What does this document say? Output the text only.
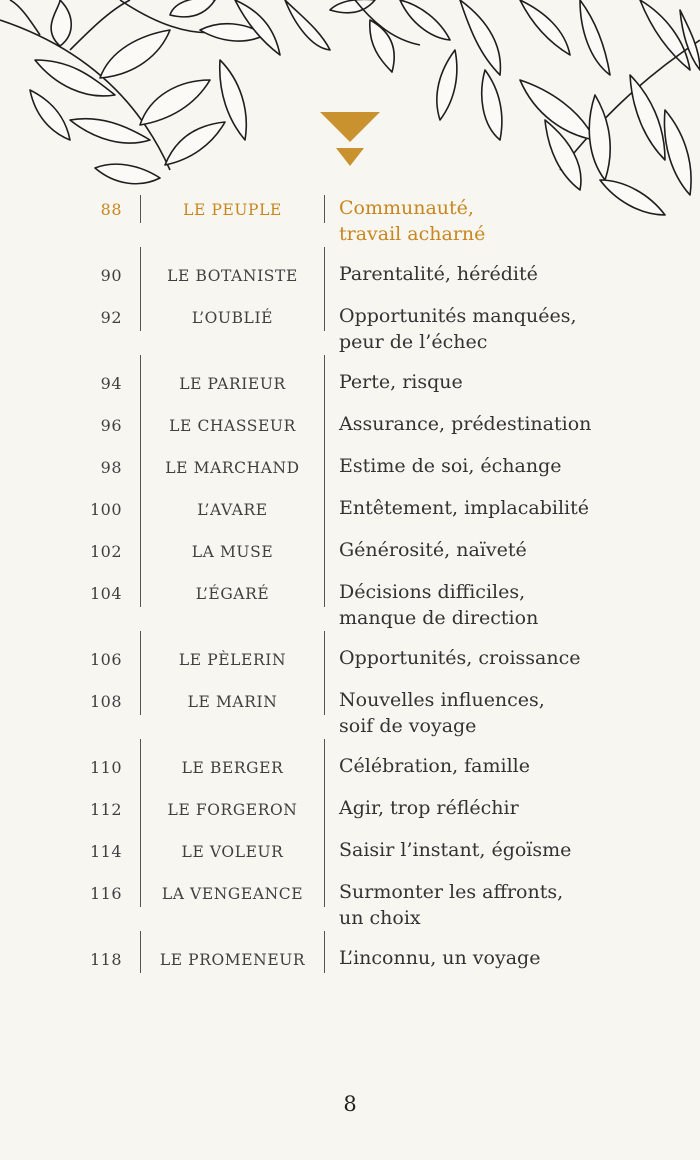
88	LE PEUPLE	Communauté,
travail acharné
90	LE BOTANISTE	Parentalité, hérédité
92	L’OUBLIÉ	Opportunités manquées,
peur de l’échec
94	LE PARIEUR	Perte, risque
96	LE CHASSEUR	Assurance, prédestination
98	LE MARCHAND	Estime de soi, échange
100	L’AVARE	Entêtement, implacabilité
102	LA MUSE	Générosité, naïveté
104	L’ÉGARÉ	Décisions difficiles,
manque de direction
106	LE PÈLERIN	Opportunités, croissance
108	LE MARIN	Nouvelles influences,
soif de voyage
110	LE BERGER	Célébration, famille
112	LE FORGERON	Agir, trop réfléchir
114	LE VOLEUR	Saisir l’instant, égoïsme
116	LA VENGEANCE	Surmonter les affronts,
un choix
118	LE PROMENEUR	L’inconnu, un voyage
8
